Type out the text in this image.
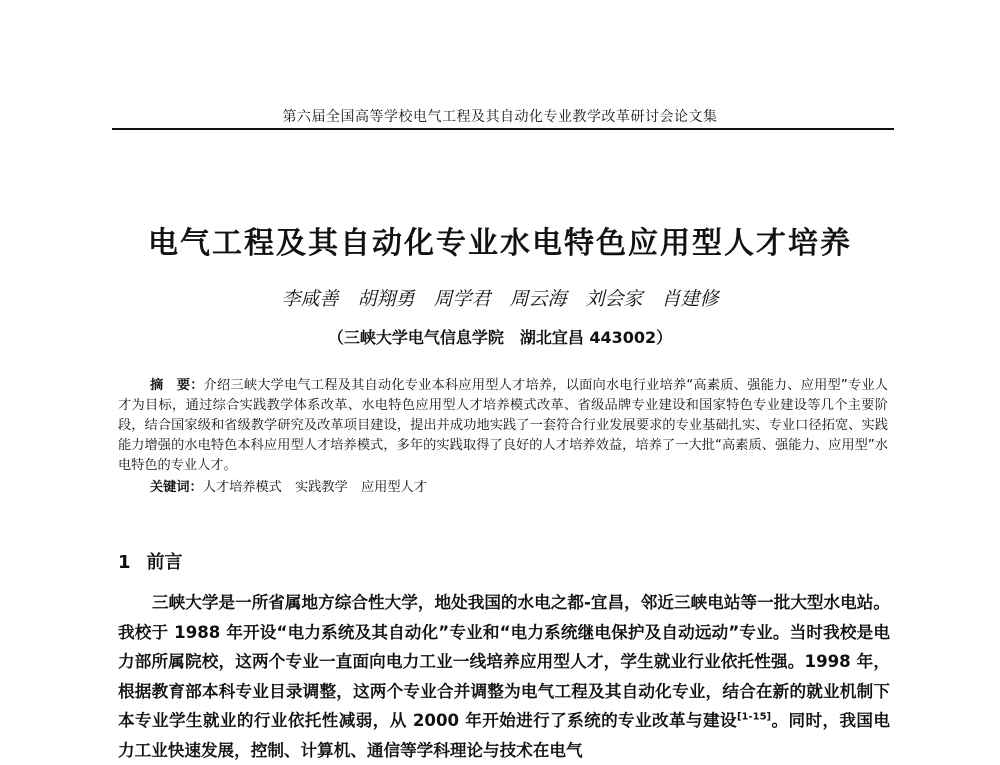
第六届全国高等学校电气工程及其自动化专业教学改革研讨会论文集
电气工程及其自动化专业水电特色应用型人才培养
李咸善　胡翔勇　周学君　周云海　刘会家　肖建修
（三峡大学电气信息学院　湖北宜昌 443002）
摘　要：介绍三峡大学电气工程及其自动化专业本科应用型人才培养，以面向水电行业培养“高素质、强能力、应用型”专业人才为目标，通过综合实践教学体系改革、水电特色应用型人才培养模式改革、省级品牌专业建设和国家特色专业建设等几个主要阶段，结合国家级和省级教学研究及改革项目建设，提出并成功地实践了一套符合行业发展要求的专业基础扎实、专业口径拓宽、实践能力增强的水电特色本科应用型人才培养模式，多年的实践取得了良好的人才培养效益，培养了一大批“高素质、强能力、应用型”水电特色的专业人才。
关键词：人才培养模式　实践教学　应用型人才
1 前言
三峡大学是一所省属地方综合性大学，地处我国的水电之都-宜昌，邻近三峡电站等一批大型水电站。我校于 1988 年开设“电力系统及其自动化”专业和“电力系统继电保护及自动远动”专业。当时我校是电力部所属院校，这两个专业一直面向电力工业一线培养应用型人才，学生就业行业依托性强。1998 年，根据教育部本科专业目录调整，这两个专业合并调整为电气工程及其自动化专业，结合在新的就业机制下本专业学生就业的行业依托性减弱，从 2000 年开始进行了系统的专业改革与建设[1-15]。同时，我国电力工业快速发展，控制、计算机、通信等学科理论与技术在电气
